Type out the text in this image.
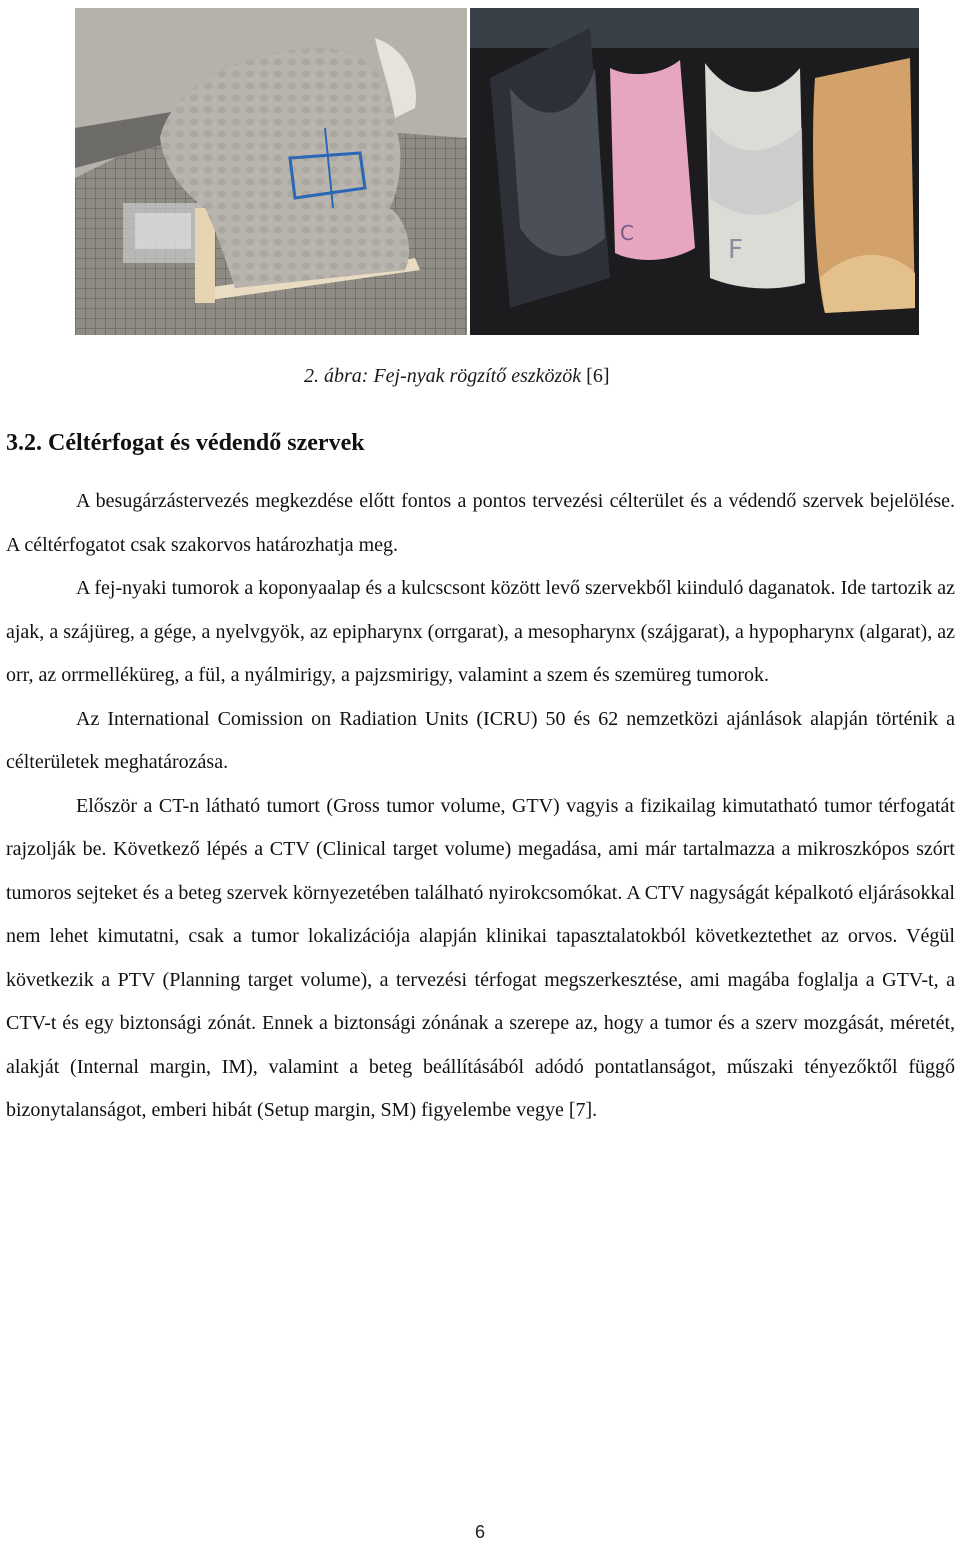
C
F
2. ábra: Fej-nyak rögzítő eszközök [6]
3.2. Céltérfogat és védendő szervek

A besugárzástervezés megkezdése előtt fontos a pontos tervezési célterület és a védendő szervek bejelölése. A céltérfogatot csak szakorvos határozhatja meg.

A fej-nyaki tumorok a koponyaalap és a kulcscsont között levő szervekből kiinduló daganatok. Ide tartozik az ajak, a szájüreg, a gége, a nyelvgyök, az epipharynx (orrgarat), a mesopharynx (szájgarat), a hypopharynx (algarat), az orr, az orrmelléküreg, a fül, a nyálmirigy, a pajzsmirigy, valamint a szem és szemüreg tumorok.

Az International Comission on Radiation Units (ICRU) 50 és 62 nemzetközi ajánlások alapján történik a célterületek meghatározása.

Először a CT-n látható tumort (Gross tumor volume, GTV) vagyis a fizikailag kimutatható tumor térfogatát rajzolják be. Következő lépés a CTV (Clinical target volume) megadása, ami már tartalmazza a mikroszkópos szórt tumoros sejteket és a beteg szervek környezetében található nyirokcsomókat. A CTV nagyságát képalkotó eljárásokkal nem lehet kimutatni, csak a tumor lokalizációja alapján klinikai tapasztalatokból következtethet az orvos. Végül következik a PTV (Planning target volume), a tervezési térfogat megszerkesztése, ami magába foglalja a GTV-t, a CTV-t és egy biztonsági zónát. Ennek a biztonsági zónának a szerepe az, hogy a tumor és a szerv mozgását, méretét, alakját (Internal margin, IM), valamint a beteg beállításából adódó pontatlanságot, műszaki tényezőktől függő bizonytalanságot, emberi hibát (Setup margin, SM) figyelembe vegye [7].

6
